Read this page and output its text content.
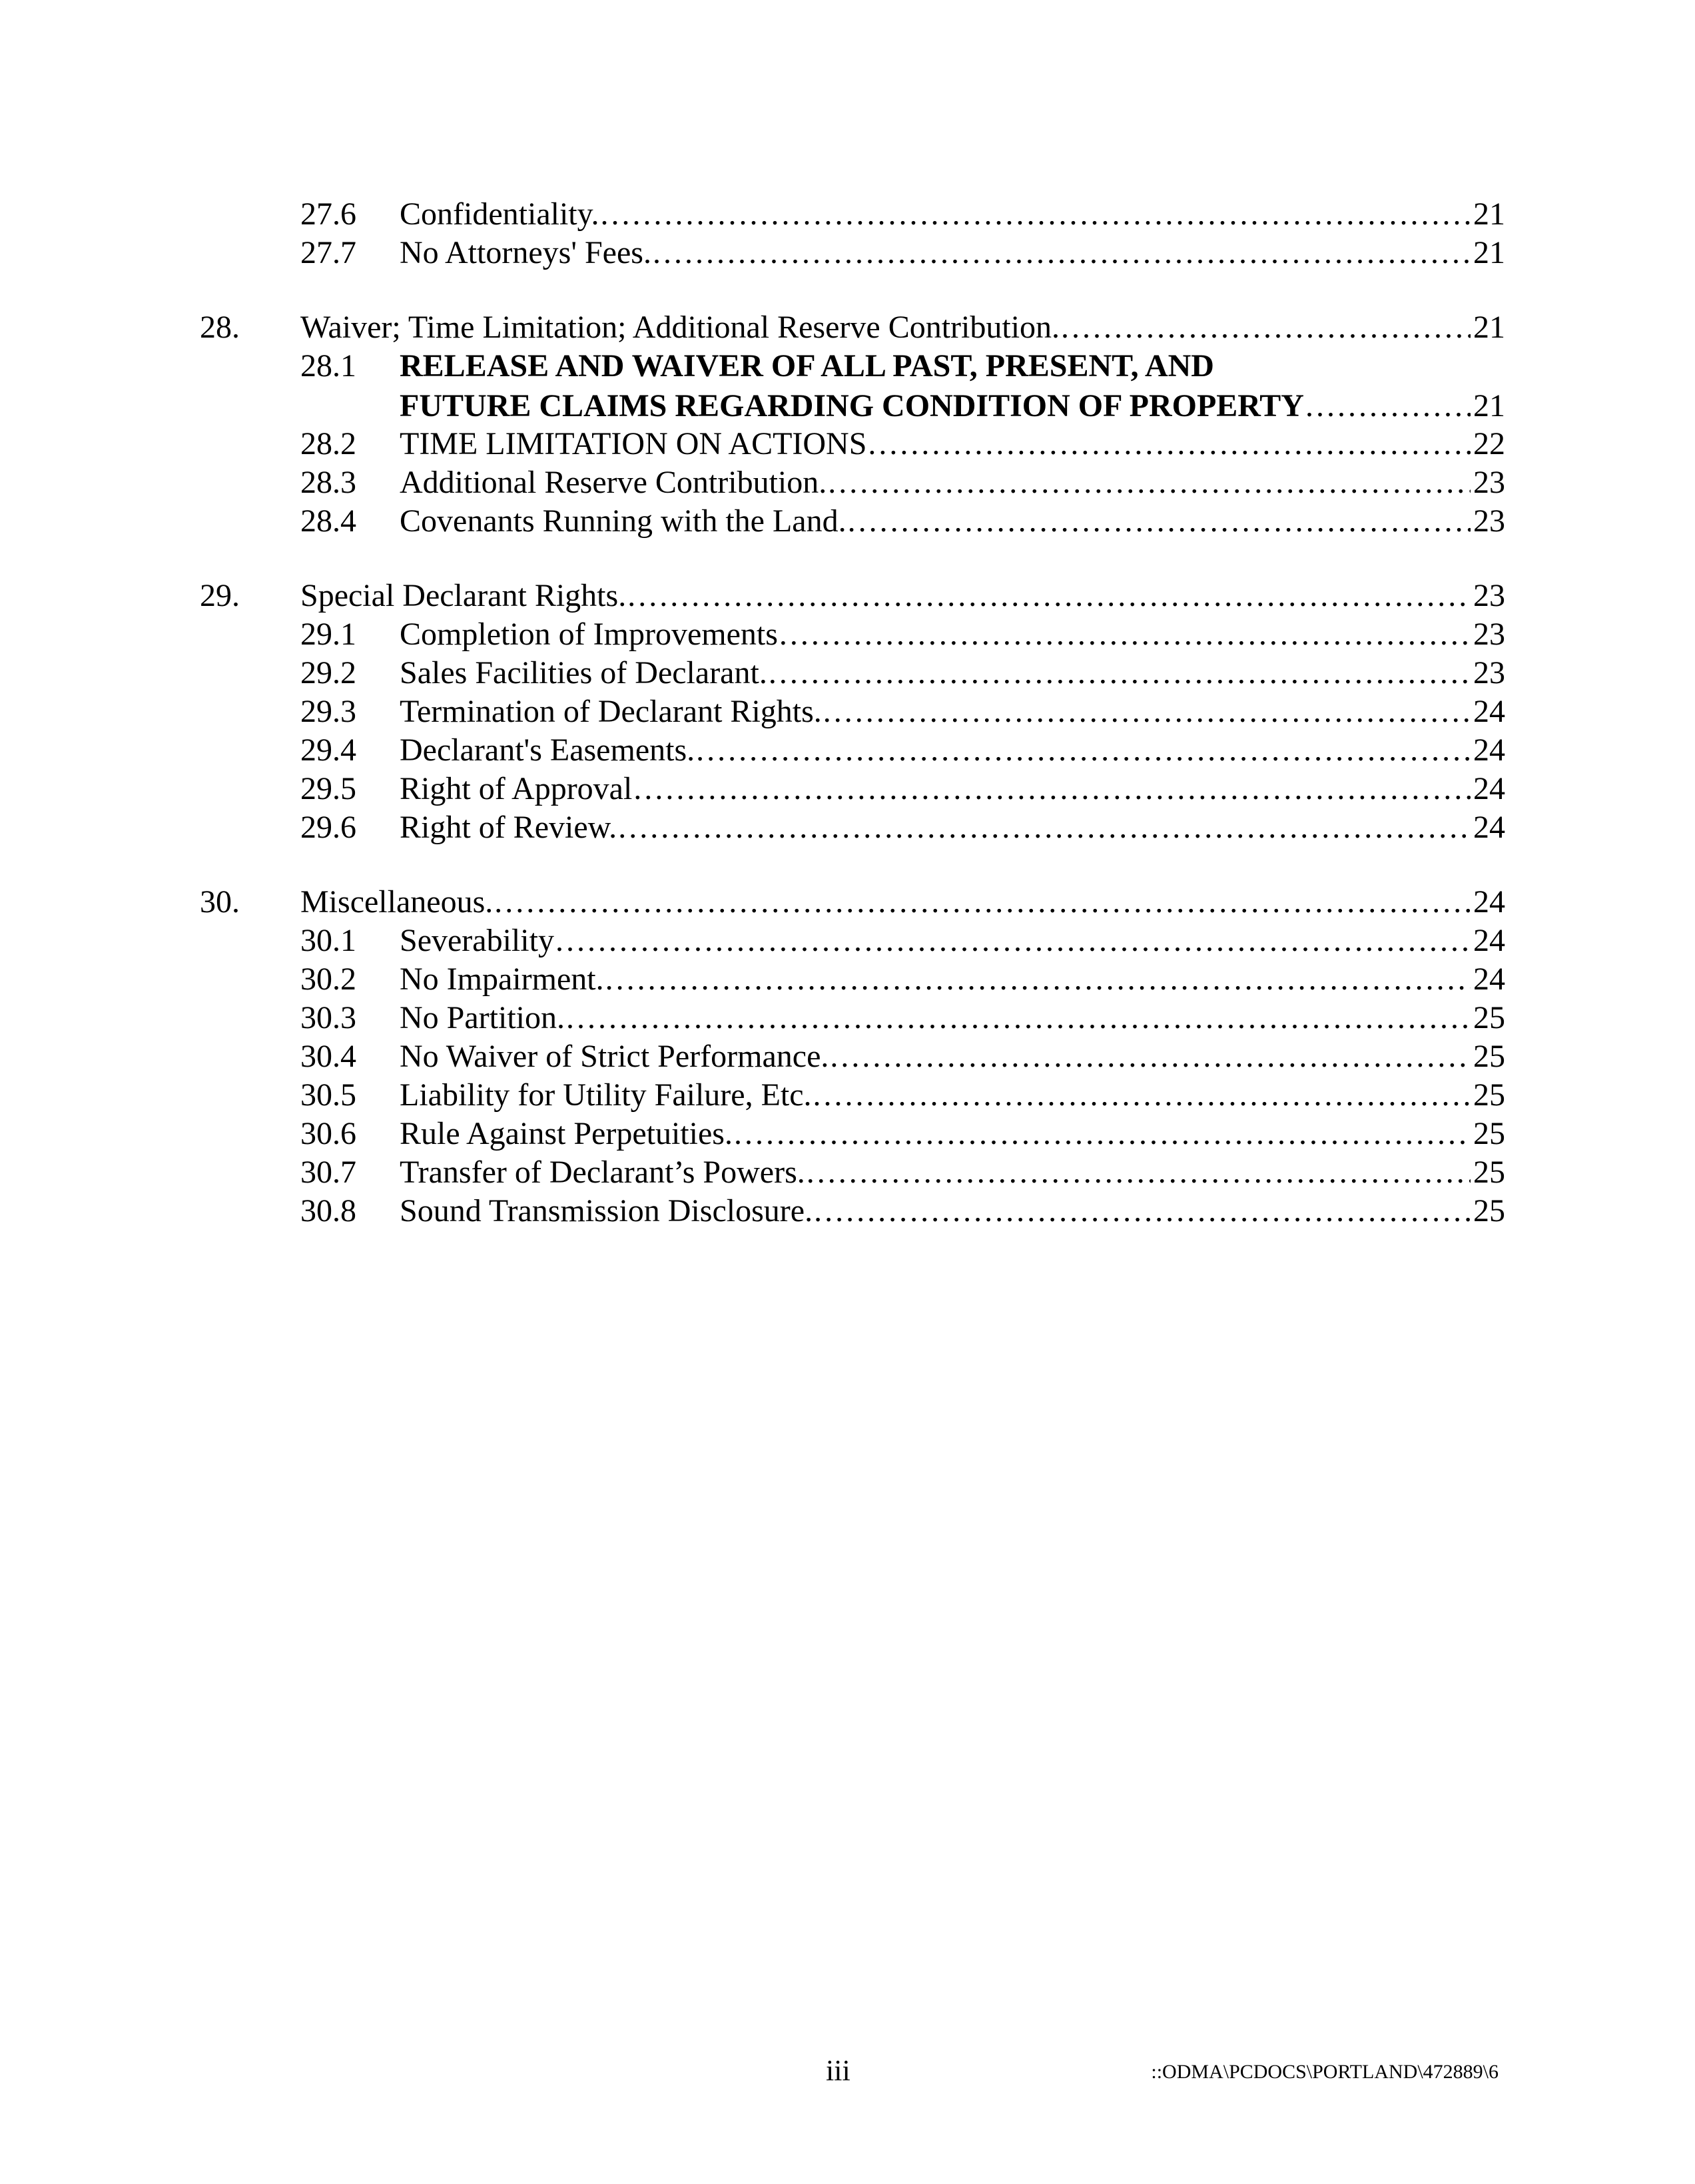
27.6 Confidentiality. . . .	21
27.7 No Attorneys' Fees. . . .	21
28. Waiver; Time Limitation; Additional Reserve Contribution. . . .	21
28.1 RELEASE AND WAIVER OF ALL PAST, PRESENT, AND
FUTURE CLAIMS REGARDING CONDITION OF PROPERTY . . .	21
28.2 TIME LIMITATION ON ACTIONS . . .	22
28.3 Additional Reserve Contribution. . . .	23
28.4 Covenants Running with the Land. . . .	23
29. Special Declarant Rights. . . .	23
29.1 Completion of Improvements . . .	23
29.2 Sales Facilities of Declarant. . . .	23
29.3 Termination of Declarant Rights. . . .	24
29.4 Declarant's Easements. . . .	24
29.5 Right of Approval . . .	24
29.6 Right of Review. . . .	24
30. Miscellaneous. . . .	24
30.1 Severability . . .	24
30.2 No Impairment. . . .	24
30.3 No Partition. . . .	25
30.4 No Waiver of Strict Performance. . . .	25
30.5 Liability for Utility Failure, Etc. . . .	25
30.6 Rule Against Perpetuities. . . .	25
30.7 Transfer of Declarant’s Powers. . . .	25
30.8 Sound Transmission Disclosure. . . .	25
iii	::ODMA\PCDOCS\PORTLAND\472889\6
